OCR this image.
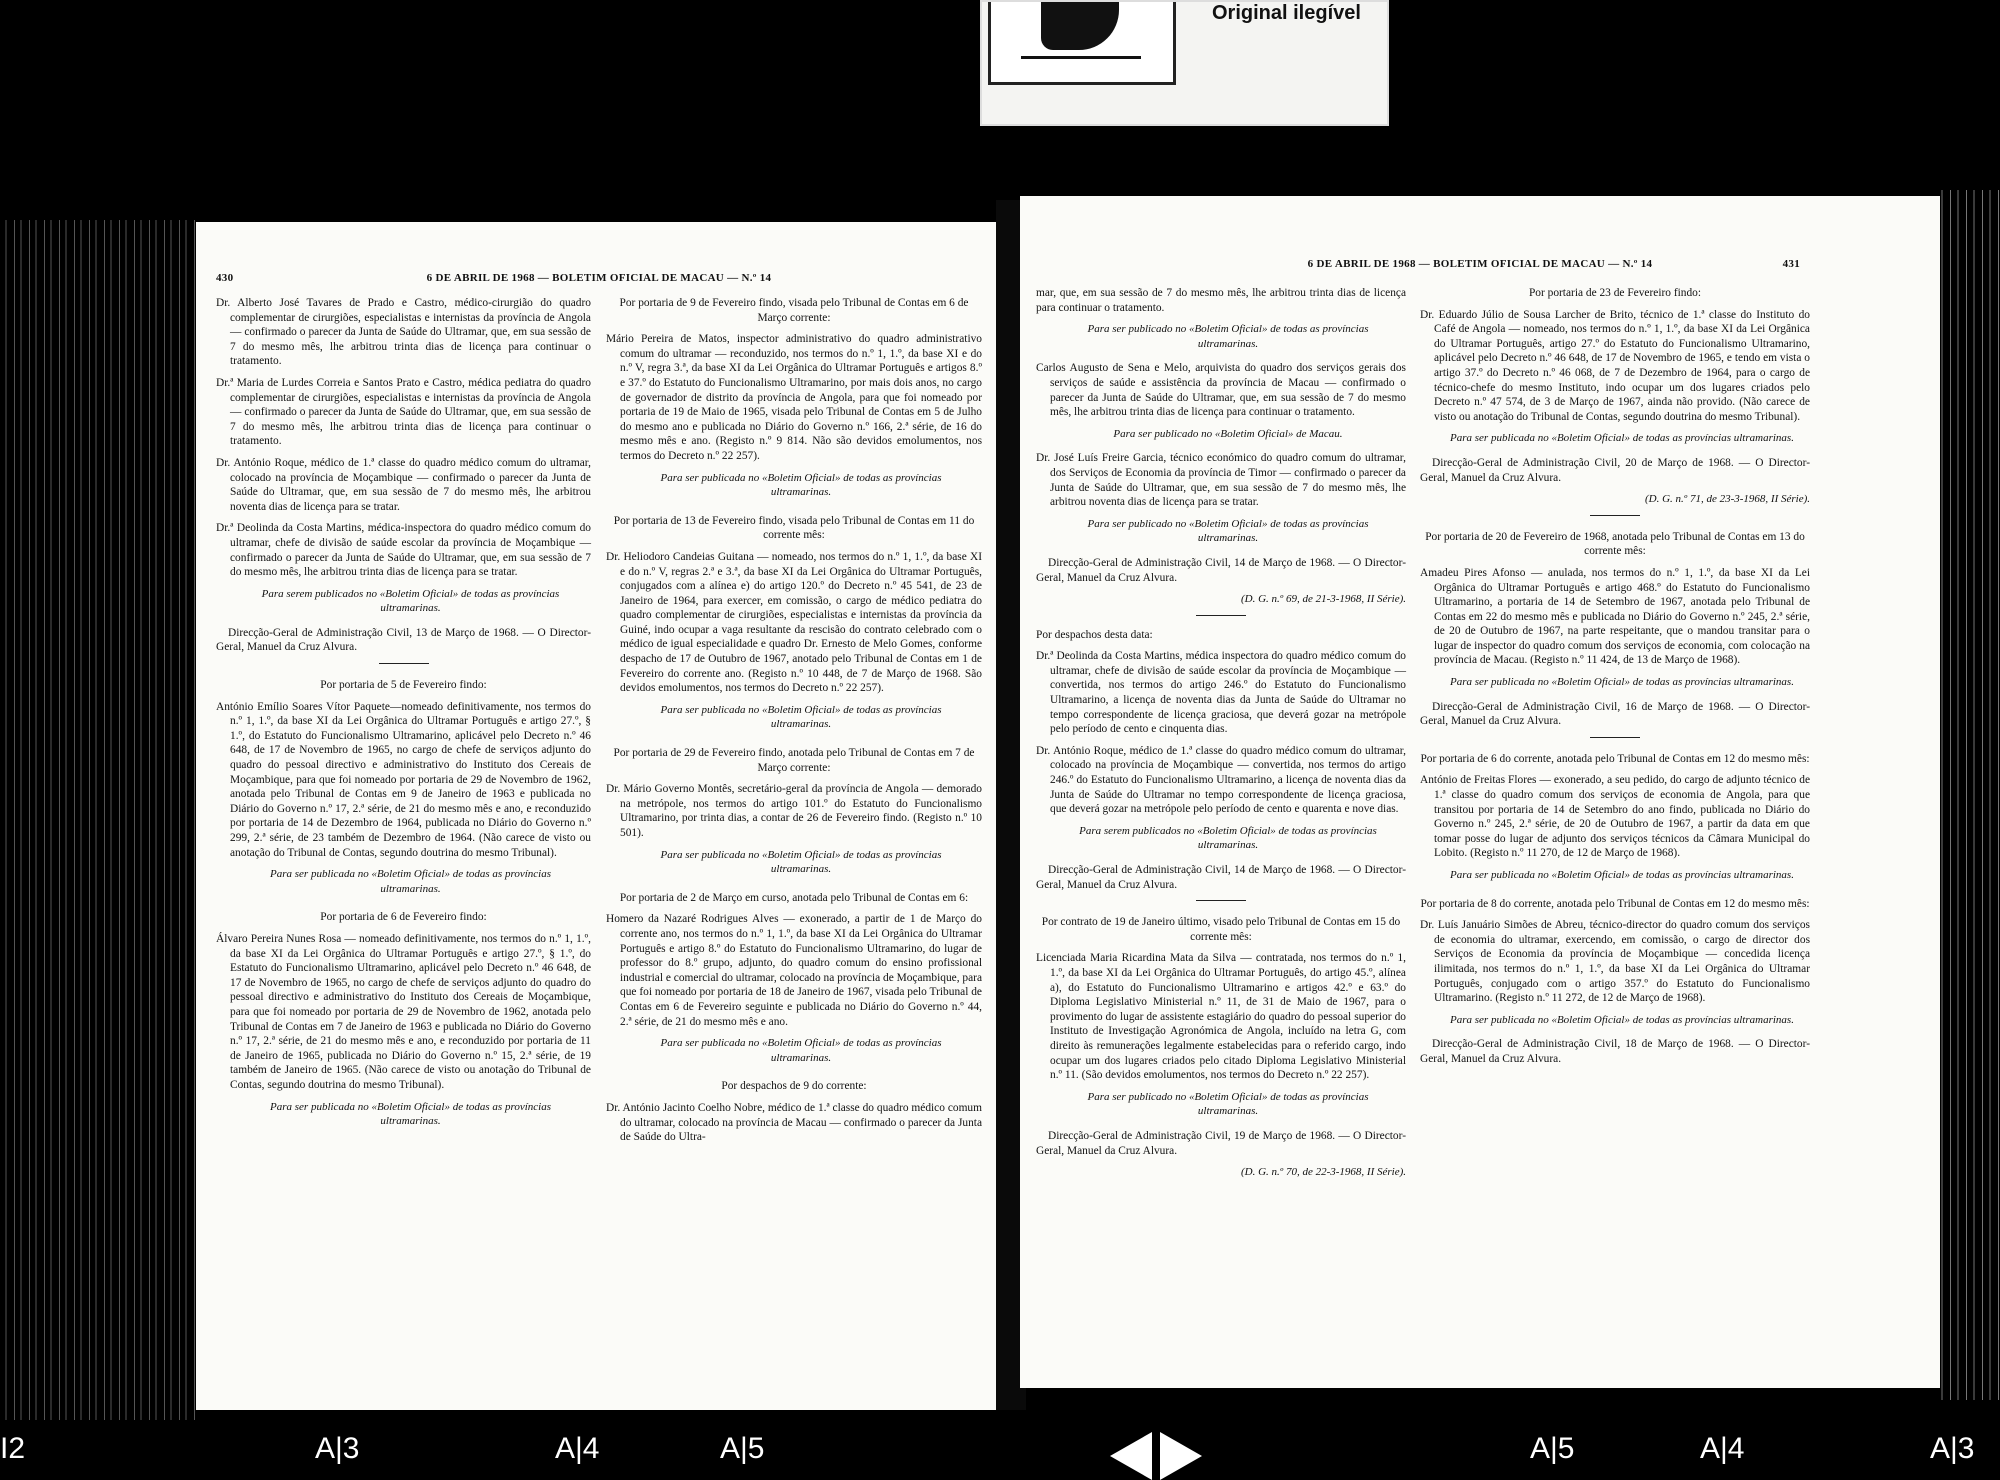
Original ilegível
430	6 DE ABRIL DE 1968 — BOLETIM OFICIAL DE MACAU — N.º 14

Dr. Alberto José Tavares de Prado e Castro, médico-cirurgião do quadro complementar de cirurgiões, especialistas e internistas da província de Angola — confirmado o parecer da Junta de Saúde do Ultramar, que, em sua sessão de 7 do mesmo mês, lhe arbitrou trinta dias de licença para continuar o tratamento.

Dr.ª Maria de Lurdes Correia e Santos Prato e Castro, médica pediatra do quadro complementar de cirurgiões, especialistas e internistas da província de Angola — confirmado o parecer da Junta de Saúde do Ultramar, que, em sua sessão de 7 do mesmo mês, lhe arbitrou trinta dias de licença para continuar o tratamento.

Dr. António Roque, médico de 1.ª classe do quadro médico comum do ultramar, colocado na província de Moçambique — confirmado o parecer da Junta de Saúde do Ultramar, que, em sua sessão de 7 do mesmo mês, lhe arbitrou noventa dias de licença para se tratar.

Dr.ª Deolinda da Costa Martins, médica-inspectora do quadro médico comum do ultramar, chefe de divisão de saúde escolar da província de Moçambique — confirmado o parecer da Junta de Saúde do Ultramar, que, em sua sessão de 7 do mesmo mês, lhe arbitrou trinta dias de licença para se tratar.

Para serem publicados no «Boletim Oficial» de todas as províncias ultramarinas.

Direcção-Geral de Administração Civil, 13 de Março de 1968. — O Director-Geral, Manuel da Cruz Alvura.

Por portaria de 5 de Fevereiro findo:

António Emílio Soares Vítor Paquete—nomeado definitivamente, nos termos do n.º 1, 1.º, da base XI da Lei Orgânica do Ultramar Português e artigo 27.º, § 1.º, do Estatuto do Funcionalismo Ultramarino, aplicável pelo Decreto n.º 46 648, de 17 de Novembro de 1965, no cargo de chefe de serviços adjunto do quadro do pessoal directivo e administrativo do Instituto dos Cereais de Moçambique, para que foi nomeado por portaria de 29 de Novembro de 1962, anotada pelo Tribunal de Contas em 9 de Janeiro de 1963 e publicada no Diário do Governo n.º 17, 2.ª série, de 21 do mesmo mês e ano, e reconduzido por portaria de 14 de Dezembro de 1964, publicada no Diário do Governo n.º 299, 2.ª série, de 23 também de Dezembro de 1964. (Não carece de visto ou anotação do Tribunal de Contas, segundo doutrina do mesmo Tribunal).

Para ser publicada no «Boletim Oficial» de todas as províncias ultramarinas.

Por portaria de 6 de Fevereiro findo:

Álvaro Pereira Nunes Rosa — nomeado definitivamente, nos termos do n.º 1, 1.º, da base XI da Lei Orgânica do Ultramar Português e artigo 27.º, § 1.º, do Estatuto do Funcionalismo Ultramarino, aplicável pelo Decreto n.º 46 648, de 17 de Novembro de 1965, no cargo de chefe de serviços adjunto do quadro do pessoal directivo e administrativo do Instituto dos Cereais de Moçambique, para que foi nomeado por portaria de 29 de Novembro de 1962, anotada pelo Tribunal de Contas em 7 de Janeiro de 1963 e publicada no Diário do Governo n.º 17, 2.ª série, de 21 do mesmo mês e ano, e reconduzido por portaria de 11 de Janeiro de 1965, publicada no Diário do Governo n.º 15, 2.ª série, de 19 também de Janeiro de 1965. (Não carece de visto ou anotação do Tribunal de Contas, segundo doutrina do mesmo Tribunal).

Para ser publicada no «Boletim Oficial» de todas as províncias ultramarinas.

Por portaria de 9 de Fevereiro findo, visada pelo Tribunal de Contas em 6 de Março corrente:

Mário Pereira de Matos, inspector administrativo do quadro administrativo comum do ultramar — reconduzido, nos termos do n.º 1, 1.º, da base XI e do n.º V, regra 3.ª, da base XI da Lei Orgânica do Ultramar Português e artigos 8.º e 37.º do Estatuto do Funcionalismo Ultramarino, por mais dois anos, no cargo de governador de distrito da província de Angola, para que foi nomeado por portaria de 19 de Maio de 1965, visada pelo Tribunal de Contas em 5 de Julho do mesmo ano e publicada no Diário do Governo n.º 166, 2.ª série, de 16 do mesmo mês e ano. (Registo n.º 9 814. Não são devidos emolumentos, nos termos do Decreto n.º 22 257).

Para ser publicada no «Boletim Oficial» de todas as províncias ultramarinas.

Por portaria de 13 de Fevereiro findo, visada pelo Tribunal de Contas em 11 do corrente mês:

Dr. Heliodoro Candeias Guitana — nomeado, nos termos do n.º 1, 1.º, da base XI e do n.º V, regras 2.ª e 3.ª, da base XI da Lei Orgânica do Ultramar Português, conjugados com a alínea e) do artigo 120.º do Decreto n.º 45 541, de 23 de Janeiro de 1964, para exercer, em comissão, o cargo de médico pediatra do quadro complementar de cirurgiões, especialistas e internistas da província da Guiné, indo ocupar a vaga resultante da rescisão do contrato celebrado com o médico de igual especialidade e quadro Dr. Ernesto de Melo Gomes, conforme despacho de 17 de Outubro de 1967, anotado pelo Tribunal de Contas em 1 de Fevereiro do corrente ano. (Registo n.º 10 448, de 7 de Março de 1968. São devidos emolumentos, nos termos do Decreto n.º 22 257).

Para ser publicada no «Boletim Oficial» de todas as províncias ultramarinas.

Por portaria de 29 de Fevereiro findo, anotada pelo Tribunal de Contas em 7 de Março corrente:

Dr. Mário Governo Montês, secretário-geral da província de Angola — demorado na metrópole, nos termos do artigo 101.º do Estatuto do Funcionalismo Ultramarino, por trinta dias, a contar de 26 de Fevereiro findo. (Registo n.º 10 501).

Para ser publicada no «Boletim Oficial» de todas as províncias ultramarinas.

Por portaria de 2 de Março em curso, anotada pelo Tribunal de Contas em 6:

Homero da Nazaré Rodrigues Alves — exonerado, a partir de 1 de Março do corrente ano, nos termos do n.º 1, 1.º, da base XI da Lei Orgânica do Ultramar Português e artigo 8.º do Estatuto do Funcionalismo Ultramarino, do lugar de professor do 8.º grupo, adjunto, do quadro comum do ensino profissional industrial e comercial do ultramar, colocado na província de Moçambique, para que foi nomeado por portaria de 18 de Janeiro de 1967, visada pelo Tribunal de Contas em 6 de Fevereiro seguinte e publicada no Diário do Governo n.º 44, 2.ª série, de 21 do mesmo mês e ano.

Para ser publicada no «Boletim Oficial» de todas as províncias ultramarinas.

Por despachos de 9 do corrente:

Dr. António Jacinto Coelho Nobre, médico de 1.ª classe do quadro médico comum do ultramar, colocado na província de Macau — confirmado o parecer da Junta de Saúde do Ultra-

6 DE ABRIL DE 1968 — BOLETIM OFICIAL DE MACAU — N.º 14	431

mar, que, em sua sessão de 7 do mesmo mês, lhe arbitrou trinta dias de licença para continuar o tratamento.

Para ser publicado no «Boletim Oficial» de todas as províncias ultramarinas.

Carlos Augusto de Sena e Melo, arquivista do quadro dos serviços gerais dos serviços de saúde e assistência da província de Macau — confirmado o parecer da Junta de Saúde do Ultramar, que, em sua sessão de 7 do mesmo mês, lhe arbitrou trinta dias de licença para continuar o tratamento.

Para ser publicado no «Boletim Oficial» de Macau.

Dr. José Luís Freire Garcia, técnico económico do quadro comum do ultramar, dos Serviços de Economia da província de Timor — confirmado o parecer da Junta de Saúde do Ultramar, que, em sua sessão de 7 do mesmo mês, lhe arbitrou noventa dias de licença para se tratar.

Para ser publicado no «Boletim Oficial» de todas as províncias ultramarinas.

Direcção-Geral de Administração Civil, 14 de Março de 1968. — O Director-Geral, Manuel da Cruz Alvura.

(D. G. n.º 69, de 21-3-1968, II Série).

Por despachos desta data:

Dr.ª Deolinda da Costa Martins, médica inspectora do quadro médico comum do ultramar, chefe de divisão de saúde escolar da província de Moçambique — convertida, nos termos do artigo 246.º do Estatuto do Funcionalismo Ultramarino, a licença de noventa dias da Junta de Saúde do Ultramar no tempo correspondente de licença graciosa, que deverá gozar na metrópole pelo período de cento e cinquenta dias.

Dr. António Roque, médico de 1.ª classe do quadro médico comum do ultramar, colocado na província de Moçambique — convertida, nos termos do artigo 246.º do Estatuto do Funcionalismo Ultramarino, a licença de noventa dias da Junta de Saúde do Ultramar no tempo correspondente de licença graciosa, que deverá gozar na metrópole pelo período de cento e quarenta e nove dias.

Para serem publicados no «Boletim Oficial» de todas as províncias ultramarinas.

Direcção-Geral de Administração Civil, 14 de Março de 1968. — O Director-Geral, Manuel da Cruz Alvura.

Por contrato de 19 de Janeiro último, visado pelo Tribunal de Contas em 15 do corrente mês:

Licenciada Maria Ricardina Mata da Silva — contratada, nos termos do n.º 1, 1.º, da base XI da Lei Orgânica do Ultramar Português, do artigo 45.º, alínea a), do Estatuto do Funcionalismo Ultramarino e artigos 42.º e 63.º do Diploma Legislativo Ministerial n.º 11, de 31 de Maio de 1967, para o provimento do lugar de assistente estagiário do quadro do pessoal superior do Instituto de Investigação Agronómica de Angola, incluído na letra G, com direito às remunerações legalmente estabelecidas para o referido cargo, indo ocupar um dos lugares criados pelo citado Diploma Legislativo Ministerial n.º 11. (São devidos emolumentos, nos termos do Decreto n.º 22 257).

Para ser publicado no «Boletim Oficial» de todas as províncias ultramarinas.

Direcção-Geral de Administração Civil, 19 de Março de 1968. — O Director-Geral, Manuel da Cruz Alvura.

(D. G. n.º 70, de 22-3-1968, II Série).

Por portaria de 23 de Fevereiro findo:

Dr. Eduardo Júlio de Sousa Larcher de Brito, técnico de 1.ª classe do Instituto do Café de Angola — nomeado, nos termos do n.º 1, 1.º, da base XI da Lei Orgânica do Ultramar Português, artigo 27.º do Estatuto do Funcionalismo Ultramarino, aplicável pelo Decreto n.º 46 648, de 17 de Novembro de 1965, e tendo em vista o artigo 37.º do Decreto n.º 46 068, de 7 de Dezembro de 1964, para o cargo de técnico-chefe do mesmo Instituto, indo ocupar um dos lugares criados pelo Decreto n.º 47 574, de 3 de Março de 1967, ainda não provido. (Não carece de visto ou anotação do Tribunal de Contas, segundo doutrina do mesmo Tribunal).

Para ser publicada no «Boletim Oficial» de todas as províncias ultramarinas.

Direcção-Geral de Administração Civil, 20 de Março de 1968. — O Director-Geral, Manuel da Cruz Alvura.

(D. G. n.º 71, de 23-3-1968, II Série).

Por portaria de 20 de Fevereiro de 1968, anotada pelo Tribunal de Contas em 13 do corrente mês:

Amadeu Pires Afonso — anulada, nos termos do n.º 1, 1.º, da base XI da Lei Orgânica do Ultramar Português e artigo 468.º do Estatuto do Funcionalismo Ultramarino, a portaria de 14 de Setembro de 1967, anotada pelo Tribunal de Contas em 22 do mesmo mês e publicada no Diário do Governo n.º 245, 2.ª série, de 20 de Outubro de 1967, na parte respeitante, que o mandou transitar para o lugar de inspector do quadro comum dos serviços de economia, com colocação na província de Macau. (Registo n.º 11 424, de 13 de Março de 1968).

Para ser publicada no «Boletim Oficial» de todas as províncias ultramarinas.

Direcção-Geral de Administração Civil, 16 de Março de 1968. — O Director-Geral, Manuel da Cruz Alvura.

Por portaria de 6 do corrente, anotada pelo Tribunal de Contas em 12 do mesmo mês:

António de Freitas Flores — exonerado, a seu pedido, do cargo de adjunto técnico de 1.ª classe do quadro comum dos serviços de economia de Angola, para que transitou por portaria de 14 de Setembro do ano findo, publicada no Diário do Governo n.º 245, 2.ª série, de 20 de Outubro de 1967, a partir da data em que tomar posse do lugar de adjunto dos serviços técnicos da Câmara Municipal do Lobito. (Registo n.º 11 270, de 12 de Março de 1968).

Para ser publicada no «Boletim Oficial» de todas as províncias ultramarinas.

Por portaria de 8 do corrente, anotada pelo Tribunal de Contas em 12 do mesmo mês:

Dr. Luís Januário Simões de Abreu, técnico-director do quadro comum dos serviços de economia do ultramar, exercendo, em comissão, o cargo de director dos Serviços de Economia da província de Moçambique — concedida licença ilimitada, nos termos do n.º 1, 1.º, da base XI da Lei Orgânica do Ultramar Português, conjugado com o artigo 357.º do Estatuto do Funcionalismo Ultramarino. (Registo n.º 11 272, de 12 de Março de 1968).

Para ser publicada no «Boletim Oficial» de todas as províncias ultramarinas.

Direcção-Geral de Administração Civil, 18 de Março de 1968. — O Director-Geral, Manuel da Cruz Alvura.

I2	A|3	A|4	A|5	A|5	A|4	A|3
